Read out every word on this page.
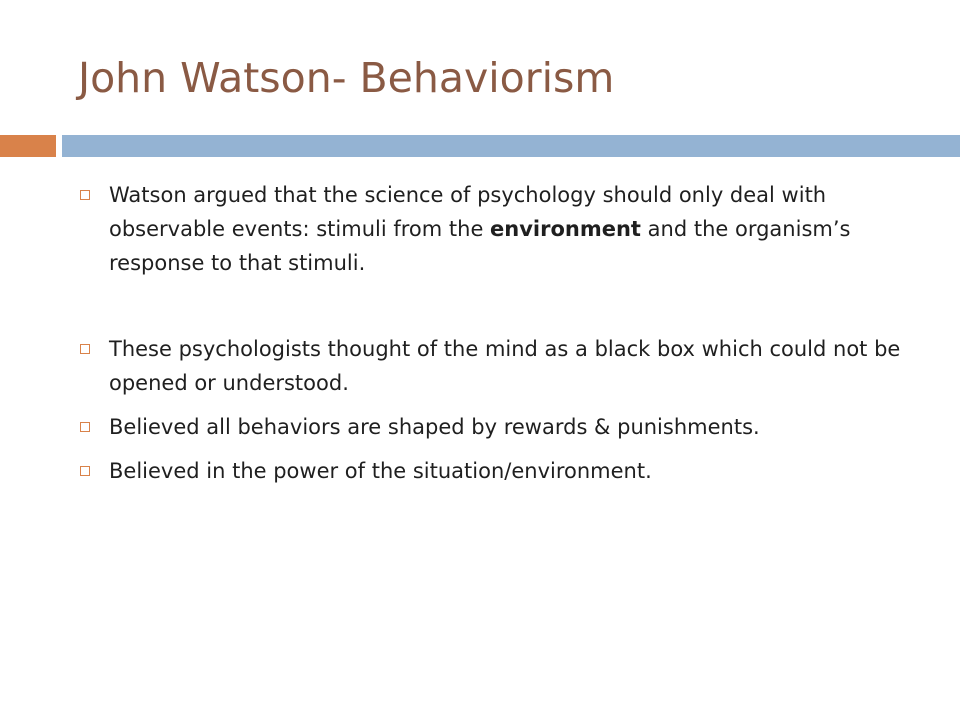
John Watson- Behaviorism
Watson argued that the science of psychology should only deal with observable events: stimuli from the environment and the organism’s response to that stimuli.
These psychologists thought of the mind as a black box which could not be opened or understood.
Believed all behaviors are shaped by rewards & punishments.
Believed in the power of the situation/environment.
